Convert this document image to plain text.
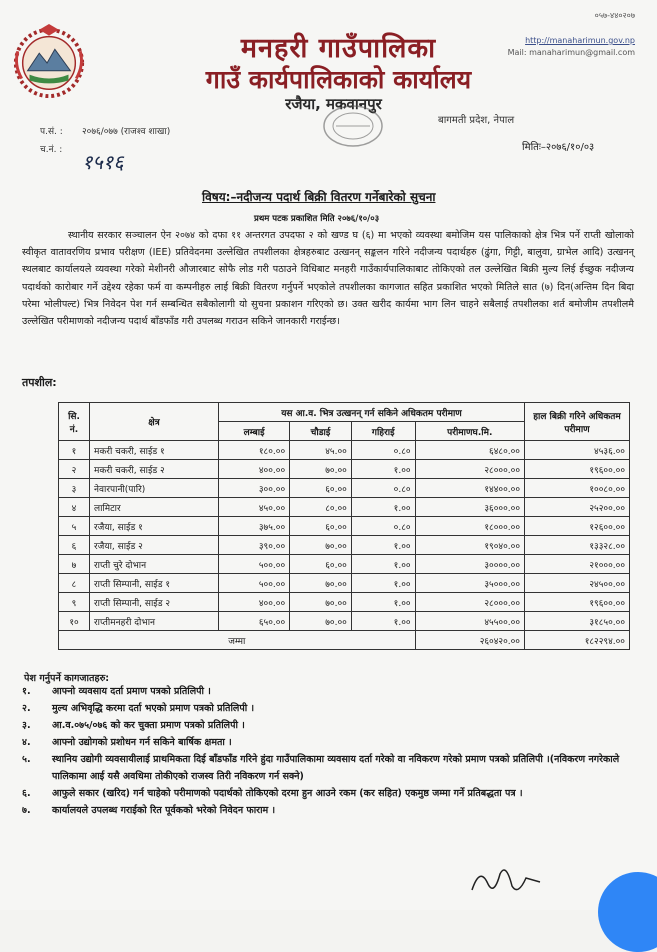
मनहरी गाउँपालिका
गाउँ कार्यपालिकाको कार्यालय
रजैया, मकवानपुर
०५७-४४०२०७
http://manaharimun.gov.np
Mail: manaharimun@gmail.com
बागमती प्रदेश, नेपाल
प.सं. : २०७६/०७७ (राजश्व शाखा)
च.नं. : १५१६
मितिः–२०७६/१०/०३
विषय:–नदीजन्य पदार्थ बिक्री वितरण गर्नेबारेको सुचना
प्रथम पटक प्रकाशित मिति २०७६/१०/०३
स्थानीय सरकार सञ्चालन ऐन २०७४ को दफा ११ अन्तरगत उपदफा २ को खण्ड घ (६) मा भएको व्यवस्था बमोजिम यस पालिकाको क्षेत्र भित्र पर्ने राप्ती खोलाको स्वीकृत वातावरणिय प्रभाव परीक्षण (IEE) प्रतिवेदनमा उल्लेखित तपशीलका क्षेत्रहरुबाट उत्खनन् सङ्कलन गरिने नदीजन्य पदार्थहरु (ढुंगा, गिट्टी, बालुवा, ग्राभेल आदि) उत्खनन् स्थलबाट कार्यालयले व्यवस्था गरेको मेशीनरी औजारबाट सोफै लोड गरी पठाउने विधिबाट मनहरी गाउँकार्यपालिकाबाट तोकिएको तल उल्लेखित बिक्री मुल्य लिई ईच्छुक नदीजन्य पदार्थको कारोबार गर्ने उद्देश्य रहेका फर्म वा कम्पनीहरु लाई बिक्री वितरण गर्नुपर्ने भएकोले तपशीलका कागजात सहित प्रकाशित भएको मितिले सात (७) दिन(अन्तिम दिन बिदा परेमा भोलीपल्ट) भित्र निवेदन पेश गर्न सम्बन्धित सबैकोलागी यो सुचना प्रकाशन गरिएको छ। उक्त खरीद कार्यमा भाग लिन चाहने सबैलाई तपशीलका शर्त बमोजीम तपशीलमै उल्लेखित परीमाणको नदीजन्य पदार्थ बाँडफाँड गरी उपलब्ध गराउन सकिने जानकारी गराईन्छ।
तपशील:
सि. नं.	क्षेत्र	यस आ.व. भित्र उत्खनन् गर्न सकिने अधिकतम परीमाण				हाल बिक्री गरिने अधिकतम परीमाण
		लम्बाई	चौडाई	गहिराई	परीमाणघ.मि.	
१	मकरी चकरी, साईड १	१८०.००	४५.००	०.८०	६४८०.००	४५३६.००
२	मकरी चकरी, साईड २	४००.००	७०.००	१.००	२८०००.००	१९६००.००
३	नेवारपानी(पारि)	३००.००	६०.००	०.८०	१४४००.००	१००८०.००
४	लामिटार	४५०.००	८०.००	१.००	३६०००.००	२५२००.००
५	रजैया, साईड १	३७५.००	६०.००	०.८०	१८०००.००	१२६००.००
६	रजैया, साईड २	३९०.००	७०.००	१.००	१९०४०.००	१३३२८.००
७	राप्ती चुरे दोभान	५००.००	६०.००	१.००	३००००.००	२१०००.००
८	राप्ती सिम्पानी, साईड १	५००.००	७०.००	१.००	३५०००.००	२४५००.००
९	राप्ती सिम्पानी, साईड २	४००.००	७०.००	१.००	२८०००.००	१९६००.००
१०	राप्तीमनहरी दोभान	६५०.००	७०.००	१.००	४५५००.००	३१८५०.००
जम्मा					२६०४२०.००	१८२२९४.००
पेश गर्नुपर्ने कागजातहरु:
१. आफ्नो व्यवसाय दर्ता प्रमाण पत्रको प्रतिलिपी ।
२. मुल्य अभिवृद्धि करमा दर्ता भएको प्रमाण पत्रको प्रतिलिपी ।
३. आ.व.०७५/०७६ को कर चुक्ता प्रमाण पत्रको प्रतिलिपी ।
४. आफ्नो उद्योगको प्रशोधन गर्न सकिने बार्षिक क्षमता ।
५. स्थानिय उद्योगी व्यवसायीलाई प्राथमिकता दिई बाँडफाँड गरिने हुंदा गाउँपालिकामा व्यवसाय दर्ता गरेको वा नविकरण गरेको प्रमाण पत्रको प्रतिलिपी ।(नविकरण नगरेकाले पालिकामा आई यसै अवधिमा तोकीएको राजस्व तिरी नविकरण गर्न सक्ने)
६. आफुले सकार (खरिद) गर्न चाहेको परीमाणको पदार्थको तोकिएको दरमा हुन आउने रकम (कर सहित) एकमुष्ठ जम्मा गर्ने प्रतिबद्धता पत्र ।
७. कार्यालयले उपलब्ध गराईको रित पूर्वकको भरेको निवेदन फाराम ।
